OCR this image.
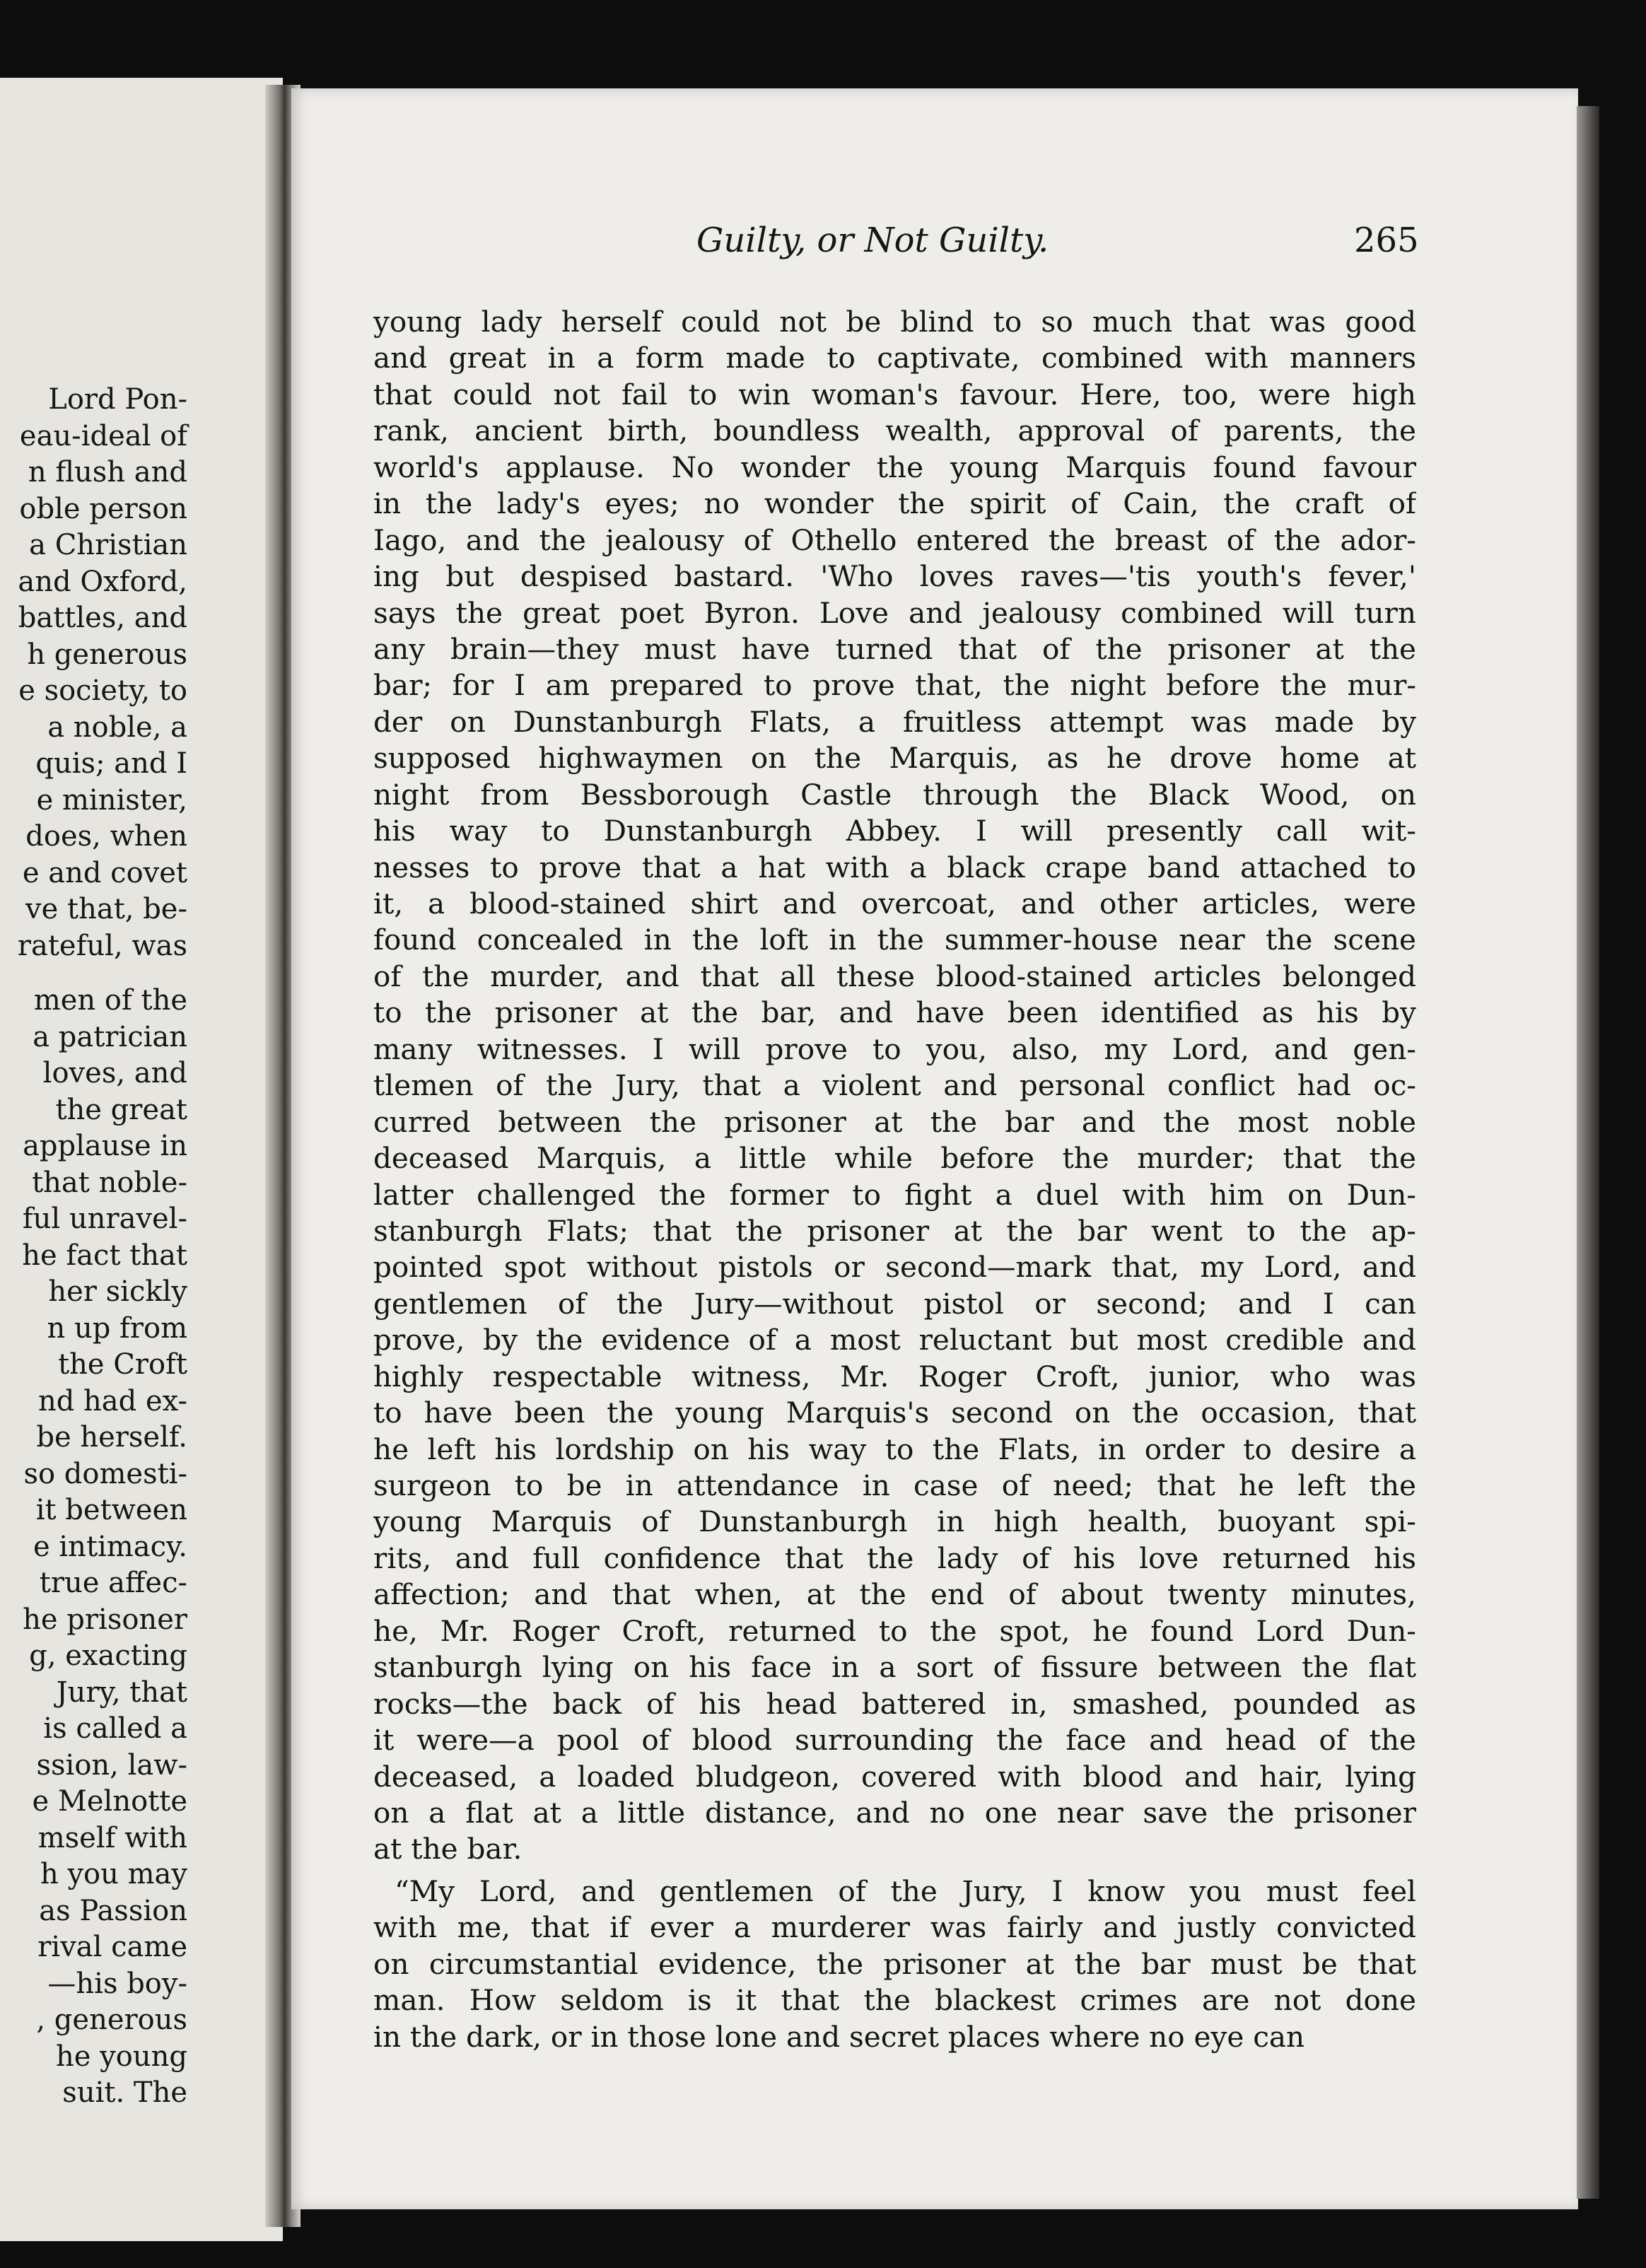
Lord Pon-
eau-ideal of
n flush and
oble person
a Christian
and Oxford,
battles, and
h generous
e society, to
a noble, a
quis; and I
e minister,
does, when
e and covet
ve that, be-
rateful, was
men of the
a patrician
loves, and
the great
applause in
that noble-
ful unravel-
he fact that
her sickly
n up from
the Croft
nd had ex-
be herself.
so domesti-
it between
e intimacy.
true affec-
he prisoner
g, exacting
Jury, that
is called a
ssion, law-
e Melnotte
mself with
h you may
as Passion
rival came
—his boy-
, generous
he young
suit. The
Guilty, or Not Guilty.	265
young lady herself could not be blind to so much that was good
and great in a form made to captivate, combined with manners
that could not fail to win woman's favour. Here, too, were high
rank, ancient birth, boundless wealth, approval of parents, the
world's applause. No wonder the young Marquis found favour
in the lady's eyes; no wonder the spirit of Cain, the craft of
Iago, and the jealousy of Othello entered the breast of the ador-
ing but despised bastard. 'Who loves raves—'tis youth's fever,'
says the great poet Byron. Love and jealousy combined will turn
any brain—they must have turned that of the prisoner at the
bar; for I am prepared to prove that, the night before the mur-
der on Dunstanburgh Flats, a fruitless attempt was made by
supposed highwaymen on the Marquis, as he drove home at
night from Bessborough Castle through the Black Wood, on
his way to Dunstanburgh Abbey. I will presently call wit-
nesses to prove that a hat with a black crape band attached to
it, a blood-stained shirt and overcoat, and other articles, were
found concealed in the loft in the summer-house near the scene
of the murder, and that all these blood-stained articles belonged
to the prisoner at the bar, and have been identified as his by
many witnesses. I will prove to you, also, my Lord, and gen-
tlemen of the Jury, that a violent and personal conflict had oc-
curred between the prisoner at the bar and the most noble
deceased Marquis, a little while before the murder; that the
latter challenged the former to fight a duel with him on Dun-
stanburgh Flats; that the prisoner at the bar went to the ap-
pointed spot without pistols or second—mark that, my Lord, and
gentlemen of the Jury—without pistol or second; and I can
prove, by the evidence of a most reluctant but most credible and
highly respectable witness, Mr. Roger Croft, junior, who was
to have been the young Marquis's second on the occasion, that
he left his lordship on his way to the Flats, in order to desire a
surgeon to be in attendance in case of need; that he left the
young Marquis of Dunstanburgh in high health, buoyant spi-
rits, and full confidence that the lady of his love returned his
affection; and that when, at the end of about twenty minutes,
he, Mr. Roger Croft, returned to the spot, he found Lord Dun-
stanburgh lying on his face in a sort of fissure between the flat
rocks—the back of his head battered in, smashed, pounded as
it were—a pool of blood surrounding the face and head of the
deceased, a loaded bludgeon, covered with blood and hair, lying
on a flat at a little distance, and no one near save the prisoner
at the bar.
“My Lord, and gentlemen of the Jury, I know you must feel
with me, that if ever a murderer was fairly and justly convicted
on circumstantial evidence, the prisoner at the bar must be that
man. How seldom is it that the blackest crimes are not done
in the dark, or in those lone and secret places where no eye can
